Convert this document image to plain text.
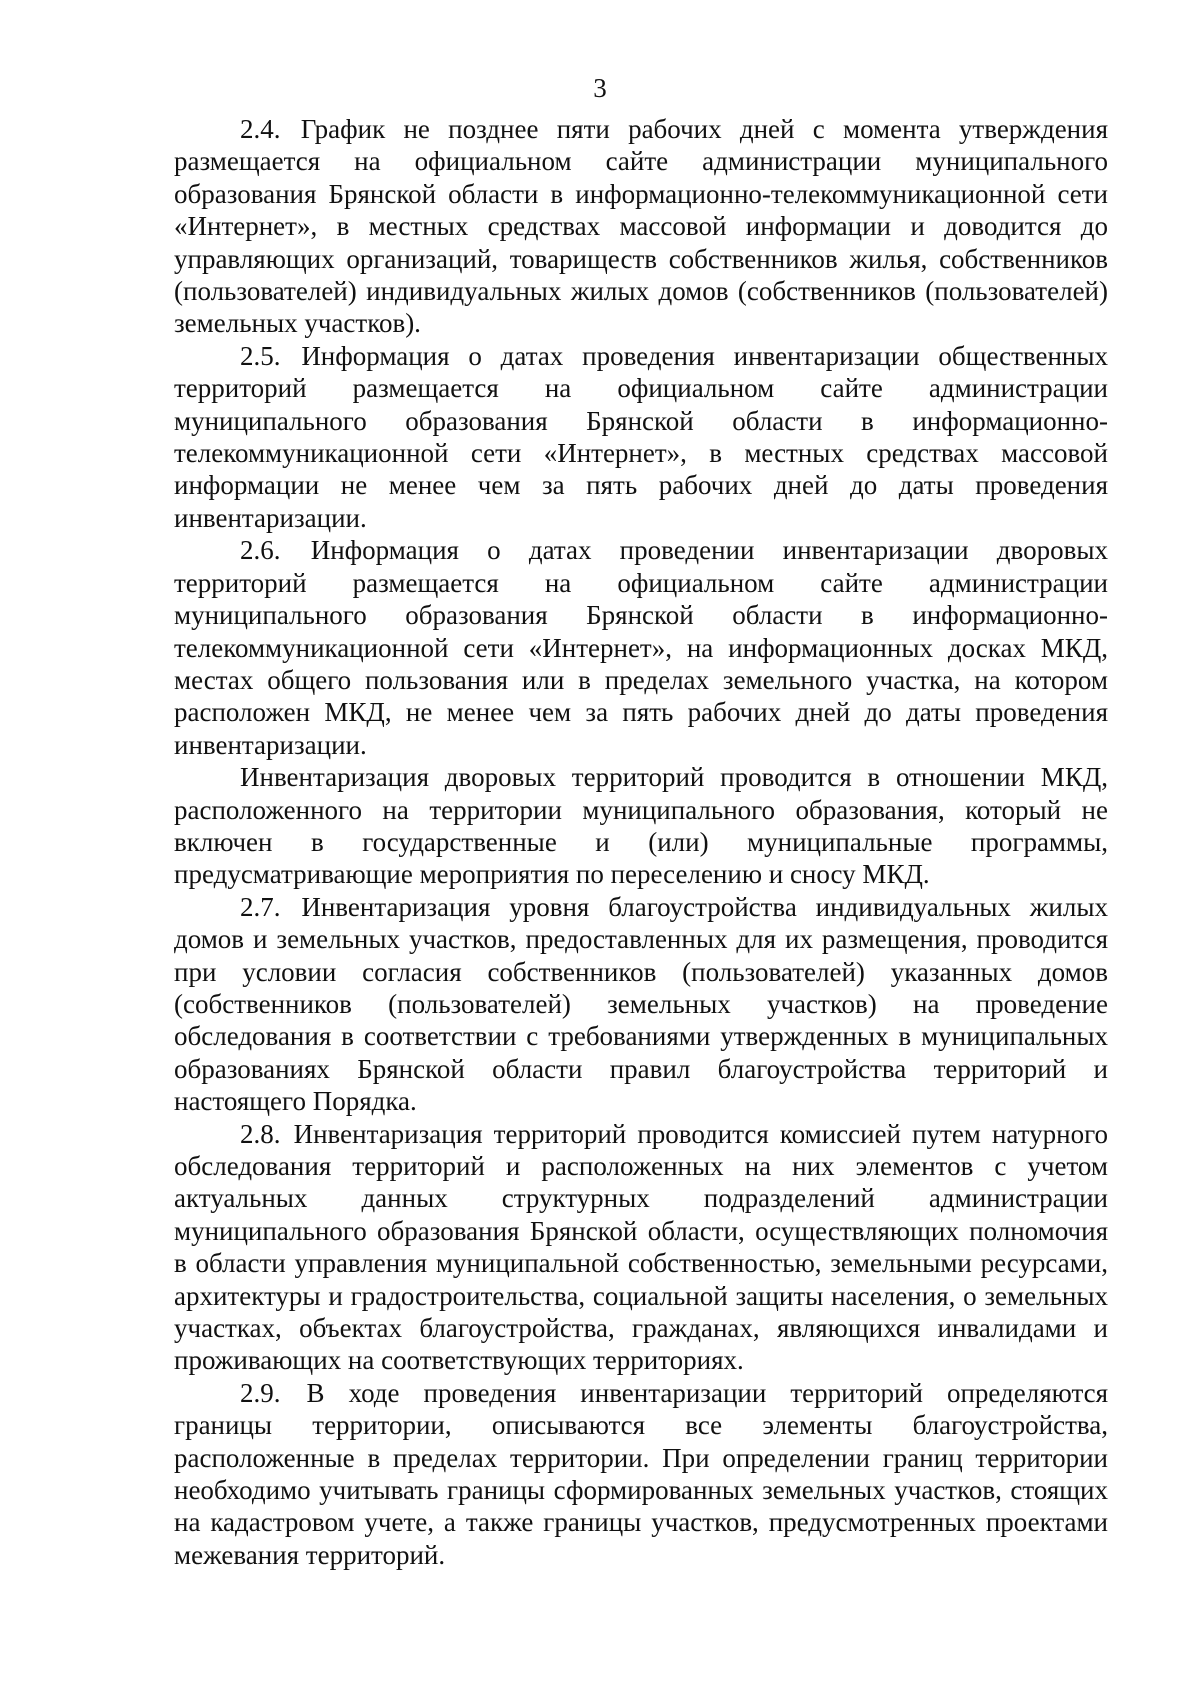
3

2.4. График не позднее пяти рабочих дней с момента утверждения размещается на официальном сайте администрации муниципального образования Брянской области в информационно-телекоммуникационной сети «Интернет», в местных средствах массовой информации и доводится до управляющих организаций, товариществ собственников жилья, собственников (пользователей) индивидуальных жилых домов (собственников (пользователей) земельных участков).

2.5. Информация о датах проведения инвентаризации общественных территорий размещается на официальном сайте администрации муниципального образования Брянской области в информационно-телекоммуникационной сети «Интернет», в местных средствах массовой информации не менее чем за пять рабочих дней до даты проведения инвентаризации.

2.6. Информация о датах проведении инвентаризации дворовых территорий размещается на официальном сайте администрации муниципального образования Брянской области в информационно-телекоммуникационной сети «Интернет», на информационных досках МКД, местах общего пользования или в пределах земельного участка, на котором расположен МКД, не менее чем за пять рабочих дней до даты проведения инвентаризации.

Инвентаризация дворовых территорий проводится в отношении МКД, расположенного на территории муниципального образования, который не включен в государственные и (или) муниципальные программы, предусматривающие мероприятия по переселению и сносу МКД.

2.7. Инвентаризация уровня благоустройства индивидуальных жилых домов и земельных участков, предоставленных для их размещения, проводится при условии согласия собственников (пользователей) указанных домов (собственников (пользователей) земельных участков) на проведение обследования в соответствии с требованиями утвержденных в муниципальных образованиях Брянской области правил благоустройства территорий и настоящего Порядка.

2.8. Инвентаризация территорий проводится комиссией путем натурного обследования территорий и расположенных на них элементов с учетом актуальных данных структурных подразделений администрации муниципального образования Брянской области, осуществляющих полномочия в области управления муниципальной собственностью, земельными ресурсами, архитектуры и градостроительства, социальной защиты населения, о земельных участках, объектах благоустройства, гражданах, являющихся инвалидами и проживающих на соответствующих территориях.

2.9. В ходе проведения инвентаризации территорий определяются границы территории, описываются все элементы благоустройства, расположенные в пределах территории. При определении границ территории необходимо учитывать границы сформированных земельных участков, стоящих на кадастровом учете, а также границы участков, предусмотренных проектами межевания территорий.
